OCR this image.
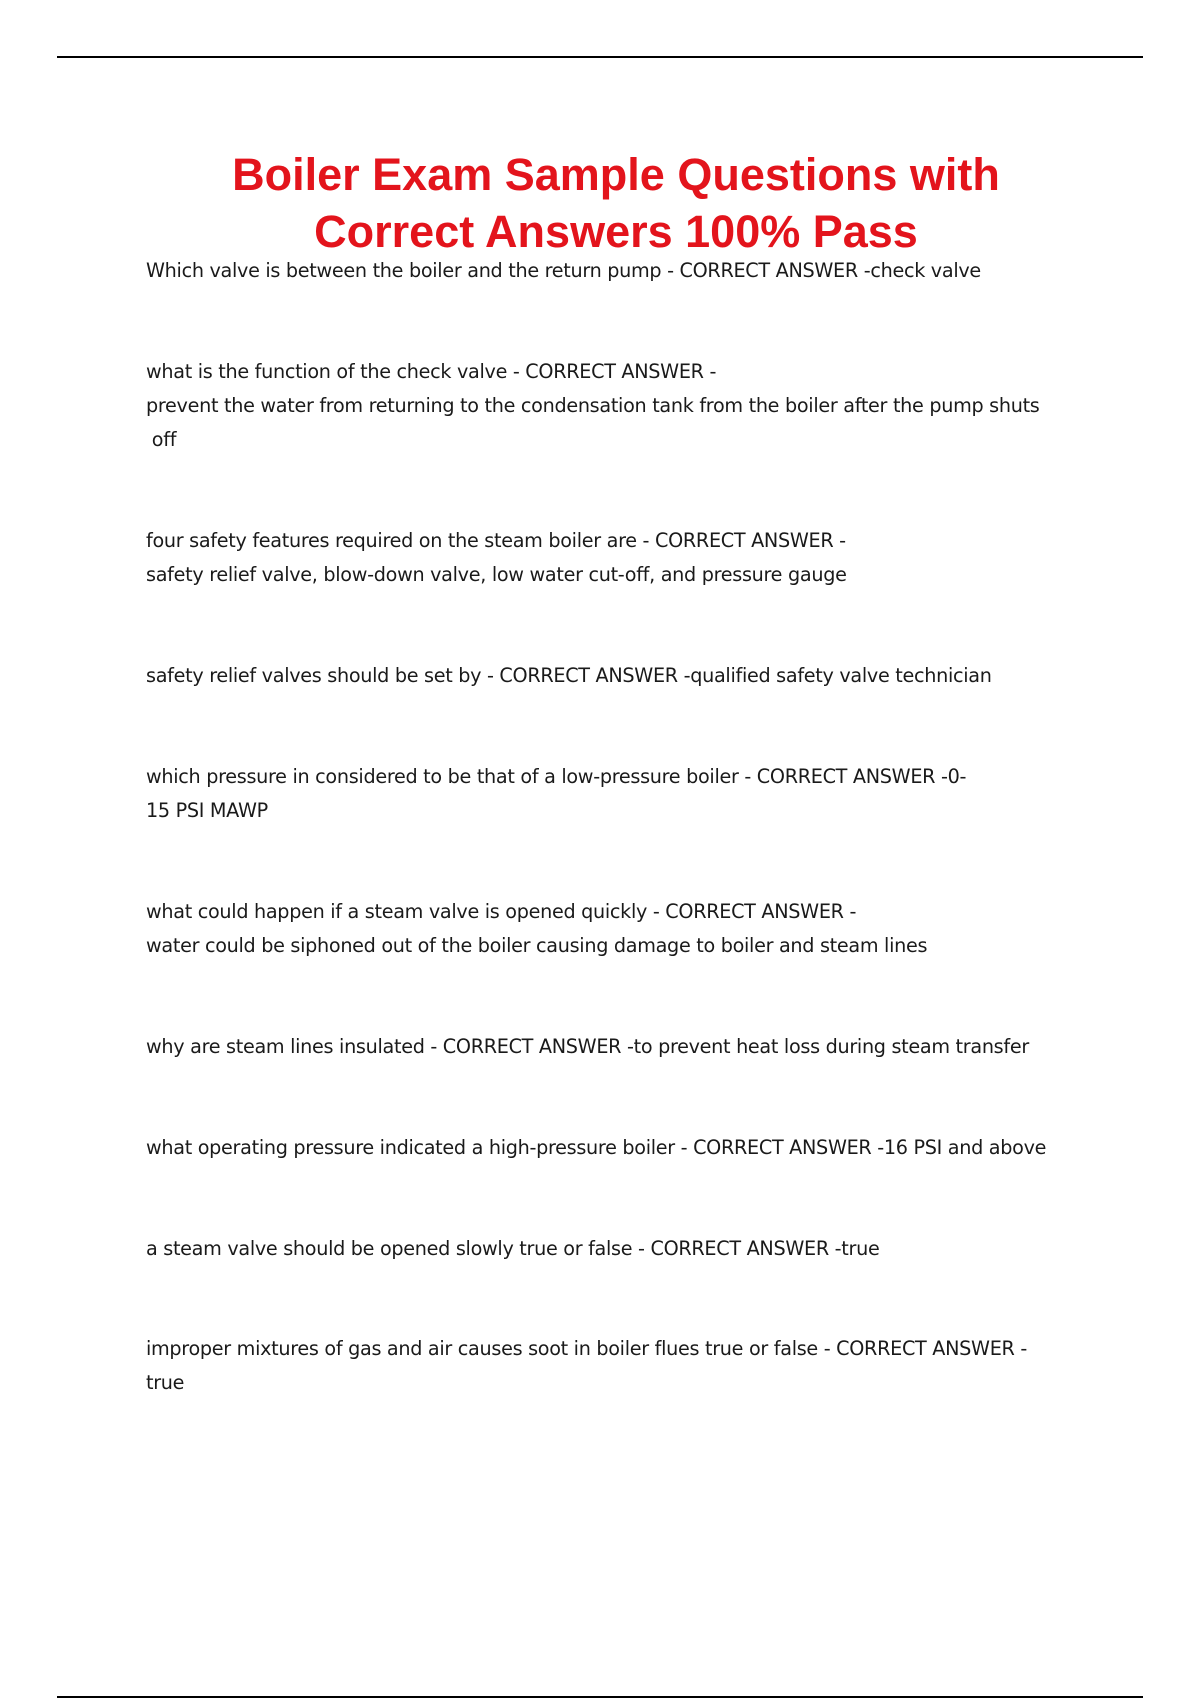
Boiler Exam Sample Questions with
Correct Answers 100% Pass

Which valve is between the boiler and the return pump - CORRECT ANSWER -check valve

what is the function of the check valve - CORRECT ANSWER -
prevent the water from returning to the condensation tank from the boiler after the pump shuts
off

four safety features required on the steam boiler are - CORRECT ANSWER -
safety relief valve, blow-down valve, low water cut-off, and pressure gauge

safety relief valves should be set by - CORRECT ANSWER -qualified safety valve technician

which pressure in considered to be that of a low-pressure boiler - CORRECT ANSWER -0-
15 PSI MAWP

what could happen if a steam valve is opened quickly - CORRECT ANSWER -
water could be siphoned out of the boiler causing damage to boiler and steam lines

why are steam lines insulated - CORRECT ANSWER -to prevent heat loss during steam transfer

what operating pressure indicated a high-pressure boiler - CORRECT ANSWER -16 PSI and above

a steam valve should be opened slowly true or false - CORRECT ANSWER -true

improper mixtures of gas and air causes soot in boiler flues true or false - CORRECT ANSWER -
true
